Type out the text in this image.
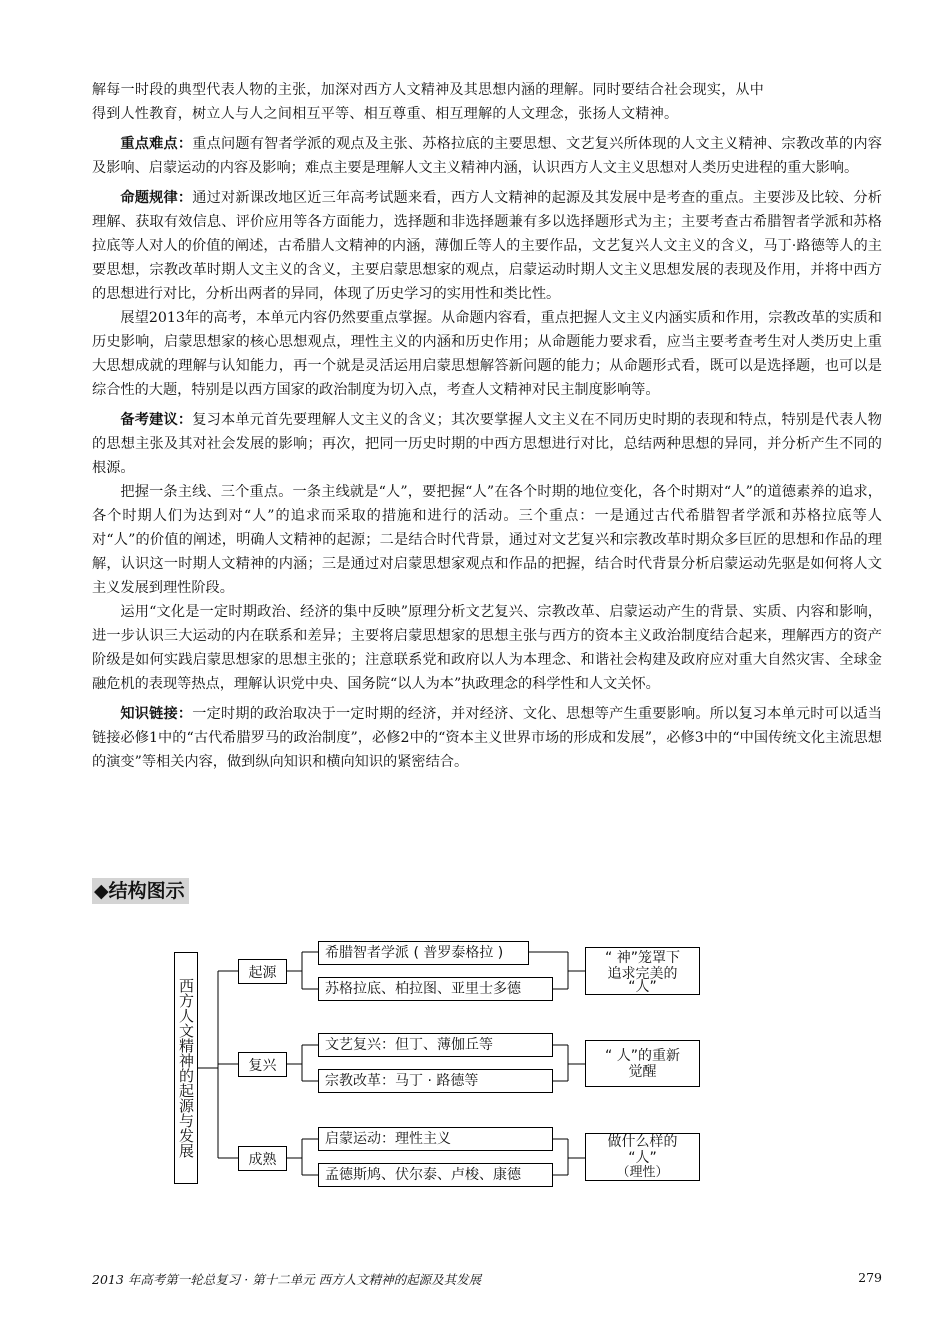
解每一时段的典型代表人物的主张，加深对西方人文精神及其思想内涵的理解。同时要结合社会现实，从中

得到人性教育，树立人与人之间相互平等、相互尊重、相互理解的人文理念，张扬人文精神。

重点难点：重点问题有智者学派的观点及主张、苏格拉底的主要思想、文艺复兴所体现的人文主义精神、宗教改革的内容及影响、启蒙运动的内容及影响；难点主要是理解人文主义精神内涵，认识西方人文主义思想对人类历史进程的重大影响。

命题规律：通过对新课改地区近三年高考试题来看，西方人文精神的起源及其发展中是考查的重点。主要涉及比较、分析理解、获取有效信息、评价应用等各方面能力，选择题和非选择题兼有多以选择题形式为主；主要考查古希腊智者学派和苏格拉底等人对人的价值的阐述，古希腊人文精神的内涵，薄伽丘等人的主要作品，文艺复兴人文主义的含义，马丁·路德等人的主要思想，宗教改革时期人文主义的含义，主要启蒙思想家的观点，启蒙运动时期人文主义思想发展的表现及作用，并将中西方的思想进行对比，分析出两者的异同，体现了历史学习的实用性和类比性。

展望2013年的高考，本单元内容仍然要重点掌握。从命题内容看，重点把握人文主义内涵实质和作用，宗教改革的实质和历史影响，启蒙思想家的核心思想观点，理性主义的内涵和历史作用；从命题能力要求看，应当主要考查考生对人类历史上重大思想成就的理解与认知能力，再一个就是灵活运用启蒙思想解答新问题的能力；从命题形式看，既可以是选择题，也可以是综合性的大题，特别是以西方国家的政治制度为切入点，考查人文精神对民主制度影响等。

备考建议：复习本单元首先要理解人文主义的含义；其次要掌握人文主义在不同历史时期的表现和特点，特别是代表人物的思想主张及其对社会发展的影响；再次，把同一历史时期的中西方思想进行对比，总结两种思想的异同，并分析产生不同的根源。

把握一条主线、三个重点。一条主线就是“人”，要把握“人”在各个时期的地位变化，各个时期对“人”的道德素养的追求，各个时期人们为达到对“人”的追求而采取的措施和进行的活动。三个重点：一是通过古代希腊智者学派和苏格拉底等人对“人”的价值的阐述，明确人文精神的起源；二是结合时代背景，通过对文艺复兴和宗教改革时期众多巨匠的思想和作品的理解，认识这一时期人文精神的内涵；三是通过对启蒙思想家观点和作品的把握，结合时代背景分析启蒙运动先驱是如何将人文主义发展到理性阶段。

运用“文化是一定时期政治、经济的集中反映”原理分析文艺复兴、宗教改革、启蒙运动产生的背景、实质、内容和影响，进一步认识三大运动的内在联系和差异；主要将启蒙思想家的思想主张与西方的资本主义政治制度结合起来，理解西方的资产阶级是如何实践启蒙思想家的思想主张的；注意联系党和政府以人为本理念、和谐社会构建及政府应对重大自然灾害、全球金融危机的表现等热点，理解认识党中央、国务院“以人为本”执政理念的科学性和人文关怀。

知识链接：一定时期的政治取决于一定时期的经济，并对经济、文化、思想等产生重要影响。所以复习本单元时可以适当链接必修1中的“古代希腊罗马的政治制度”，必修2中的“资本主义世界市场的形成和发展”，必修3中的“中国传统文化主流思想的演变”等相关内容，做到纵向知识和横向知识的紧密结合。

◆结构图示
西方人文精神的起源与发展
起源
复兴
成熟
希腊智者学派 ( 普罗泰格拉 )
苏格拉底、柏拉图、亚里士多德
文艺复兴：但丁、薄伽丘等
宗教改革：马丁 · 路德等
启蒙运动：理性主义
孟德斯鸠、伏尔泰、卢梭、康德
“ 神”笼罩下
追求完美的
“人”
“ 人”的重新
觉醒
做什么样的
“人”
（理性）
2013 年高考第一轮总复习 · 第十二单元 西方人文精神的起源及其发展	279
